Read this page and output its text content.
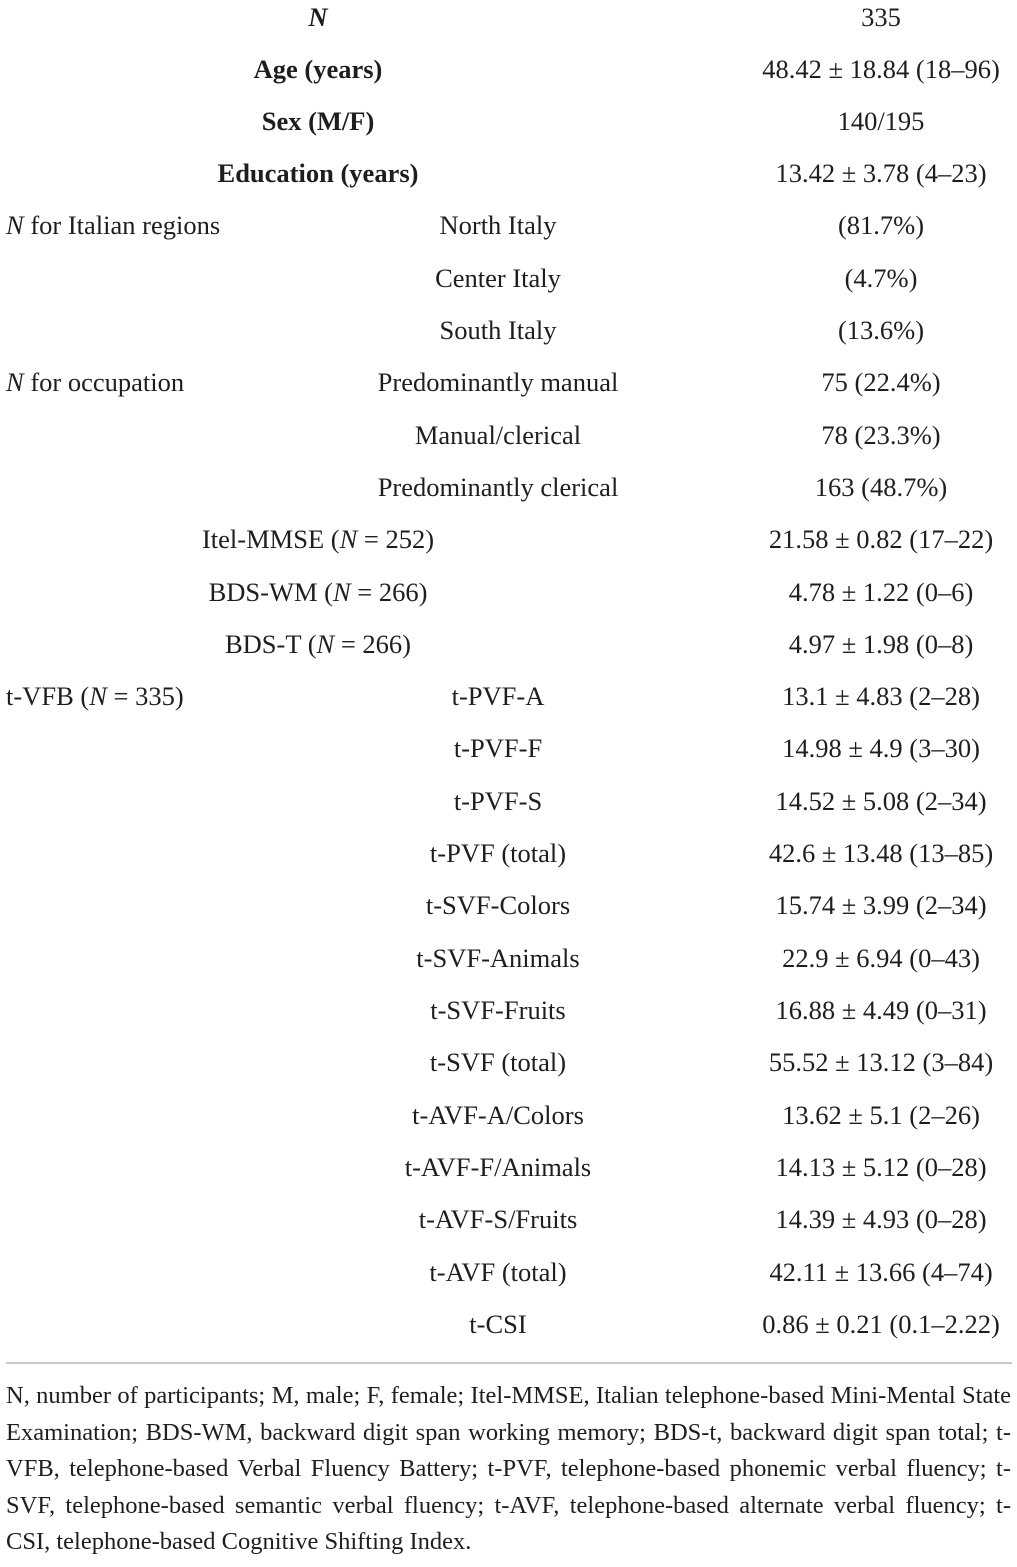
N	335
Age (years)	48.42 ± 18.84 (18–96)
Sex (M/F)	140/195
Education (years)	13.42 ± 3.78 (4–23)
N for Italian regions	North Italy	(81.7%)
Center Italy	(4.7%)
South Italy	(13.6%)
N for occupation	Predominantly manual	75 (22.4%)
Manual/clerical	78 (23.3%)
Predominantly clerical	163 (48.7%)
Itel-MMSE (N = 252)	21.58 ± 0.82 (17–22)
BDS-WM (N = 266)	4.78 ± 1.22 (0–6)
BDS-T (N = 266)	4.97 ± 1.98 (0–8)
t-VFB (N = 335)	t-PVF-A	13.1 ± 4.83 (2–28)
t-PVF-F	14.98 ± 4.9 (3–30)
t-PVF-S	14.52 ± 5.08 (2–34)
t-PVF (total)	42.6 ± 13.48 (13–85)
t-SVF-Colors	15.74 ± 3.99 (2–34)
t-SVF-Animals	22.9 ± 6.94 (0–43)
t-SVF-Fruits	16.88 ± 4.49 (0–31)
t-SVF (total)	55.52 ± 13.12 (3–84)
t-AVF-A/Colors	13.62 ± 5.1 (2–26)
t-AVF-F/Animals	14.13 ± 5.12 (0–28)
t-AVF-S/Fruits	14.39 ± 4.93 (0–28)
t-AVF (total)	42.11 ± 13.66 (4–74)
t-CSI	0.86 ± 0.21 (0.1–2.22)
N, number of participants; M, male; F, female; Itel-MMSE, Italian telephone-based Mini-Mental State Examination; BDS-WM, backward digit span working memory; BDS-t, backward digit span total; t-VFB, telephone-based Verbal Fluency Battery; t-PVF, telephone-based phonemic verbal fluency; t-SVF, telephone-based semantic verbal fluency; t-AVF, telephone-based alternate verbal fluency; t-CSI, telephone-based Cognitive Shifting Index.
